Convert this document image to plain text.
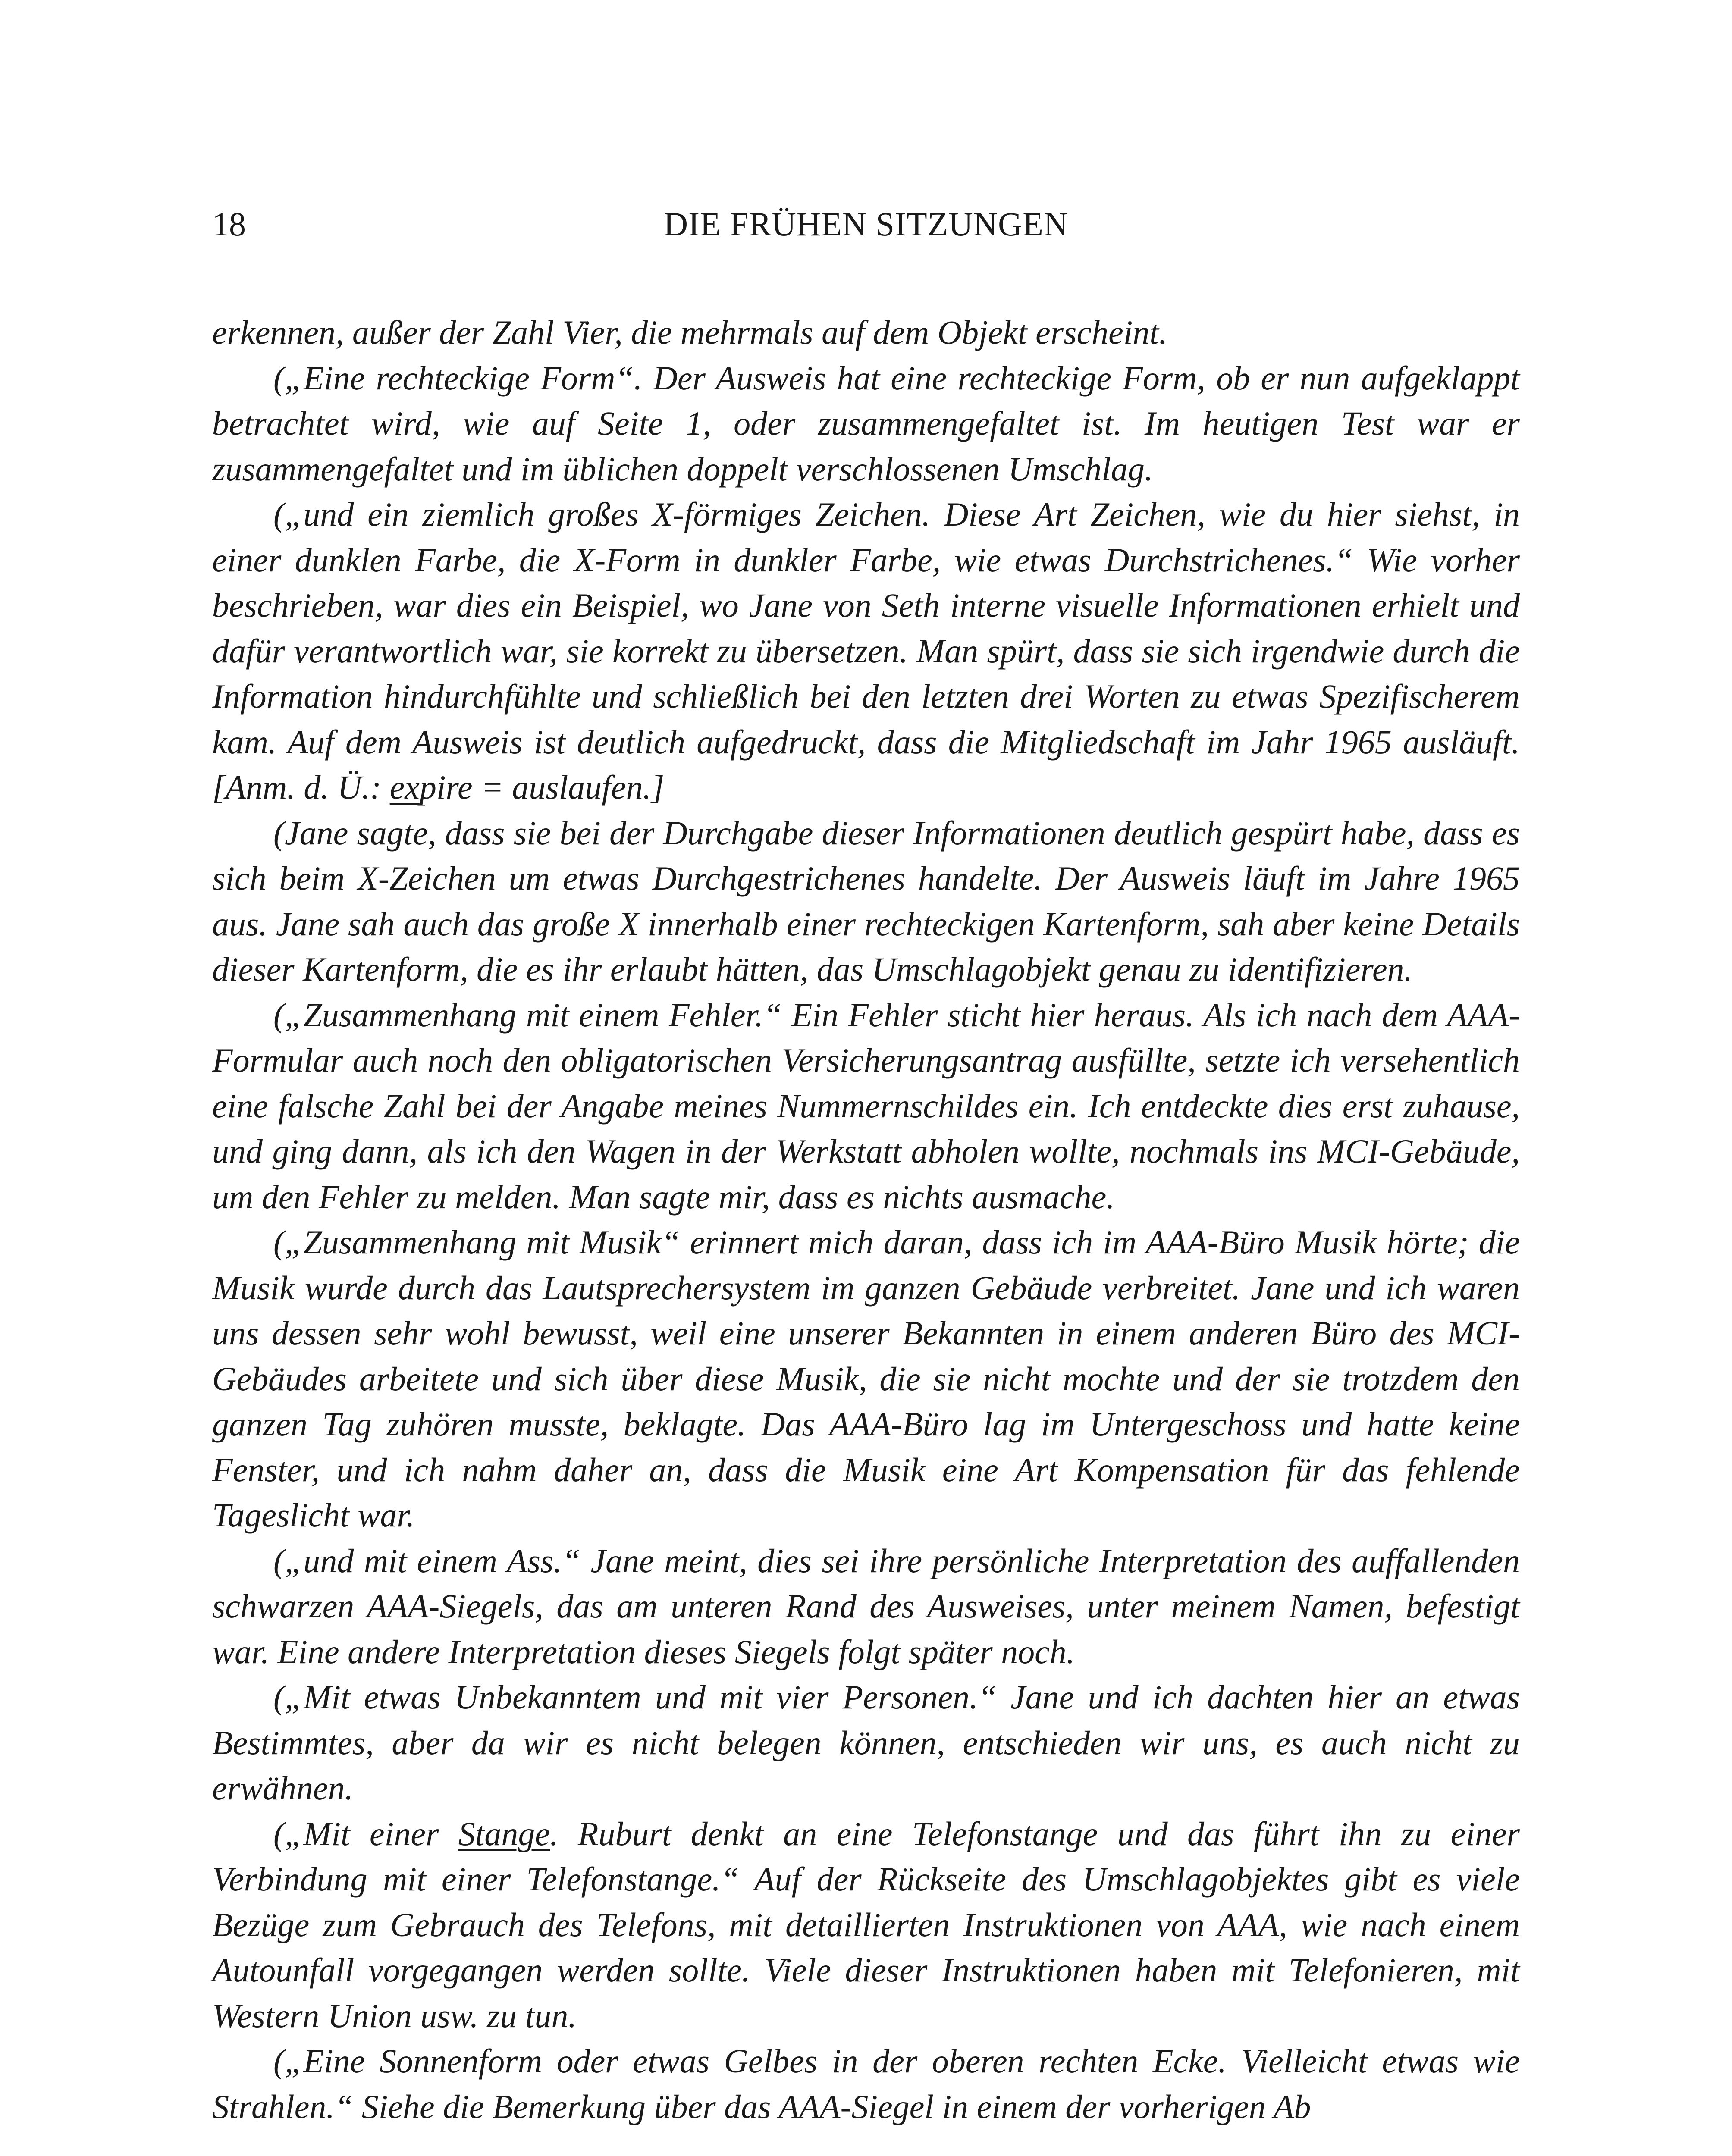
18	DIE FRÜHEN SITZUNGEN

erkennen, außer der Zahl Vier, die mehrmals auf dem Objekt erscheint.

(„Eine rechteckige Form“. Der Ausweis hat eine rechteckige Form, ob er nun aufgeklappt betrachtet wird, wie auf Seite 1, oder zusammengefaltet ist. Im heutigen Test war er zusammengefaltet und im üblichen doppelt verschlossenen Umschlag.

(„und ein ziemlich großes X-förmiges Zeichen. Diese Art Zeichen, wie du hier siehst, in einer dunklen Farbe, die X-Form in dunkler Farbe, wie etwas Durchstrichenes.“ Wie vorher beschrieben, war dies ein Beispiel, wo Jane von Seth interne visuelle Informationen erhielt und dafür verantwortlich war, sie korrekt zu übersetzen. Man spürt, dass sie sich irgendwie durch die Information hindurchfühlte und schließlich bei den letzten drei Worten zu etwas Spezifischerem kam. Auf dem Ausweis ist deutlich aufgedruckt, dass die Mitgliedschaft im Jahr 1965 ausläuft. [Anm. d. Ü.: expire = auslaufen.]

(Jane sagte, dass sie bei der Durchgabe dieser Informationen deutlich gespürt habe, dass es sich beim X-Zeichen um etwas Durchgestrichenes handelte. Der Ausweis läuft im Jahre 1965 aus. Jane sah auch das große X innerhalb einer rechteckigen Kartenform, sah aber keine Details dieser Kartenform, die es ihr erlaubt hätten, das Umschlagobjekt genau zu identifizieren.

(„Zusammenhang mit einem Fehler.“ Ein Fehler sticht hier heraus. Als ich nach dem AAA-Formular auch noch den obligatorischen Versicherungsantrag ausfüllte, setzte ich versehentlich eine falsche Zahl bei der Angabe meines Nummernschildes ein. Ich entdeckte dies erst zuhause, und ging dann, als ich den Wagen in der Werkstatt abholen wollte, nochmals ins MCI-Gebäude, um den Fehler zu melden. Man sagte mir, dass es nichts ausmache.

(„Zusammenhang mit Musik“ erinnert mich daran, dass ich im AAA-Büro Musik hörte; die Musik wurde durch das Lautsprechersystem im ganzen Gebäude verbreitet. Jane und ich waren uns dessen sehr wohl bewusst, weil eine unserer Bekannten in einem anderen Büro des MCI-Gebäudes arbeitete und sich über diese Musik, die sie nicht mochte und der sie trotzdem den ganzen Tag zuhören musste, beklagte. Das AAA-Büro lag im Untergeschoss und hatte keine Fenster, und ich nahm daher an, dass die Musik eine Art Kompensation für das fehlende Tageslicht war.

(„und mit einem Ass.“ Jane meint, dies sei ihre persönliche Interpretation des auffallenden schwarzen AAA-Siegels, das am unteren Rand des Ausweises, unter meinem Namen, befestigt war. Eine andere Interpretation dieses Siegels folgt später noch.

(„Mit etwas Unbekanntem und mit vier Personen.“ Jane und ich dachten hier an etwas Bestimmtes, aber da wir es nicht belegen können, entschieden wir uns, es auch nicht zu erwähnen.

(„Mit einer Stange. Ruburt denkt an eine Telefonstange und das führt ihn zu einer Verbindung mit einer Telefonstange.“ Auf der Rückseite des Umschlagobjektes gibt es viele Bezüge zum Gebrauch des Telefons, mit detaillierten Instruktionen von AAA, wie nach einem Autounfall vorgegangen werden sollte. Viele dieser Instruktionen haben mit Telefonieren, mit Western Union usw. zu tun.

(„Eine Sonnenform oder etwas Gelbes in der oberen rechten Ecke. Vielleicht etwas wie Strahlen.“ Siehe die Bemerkung über das AAA-Siegel in einem der vorherigen Ab
